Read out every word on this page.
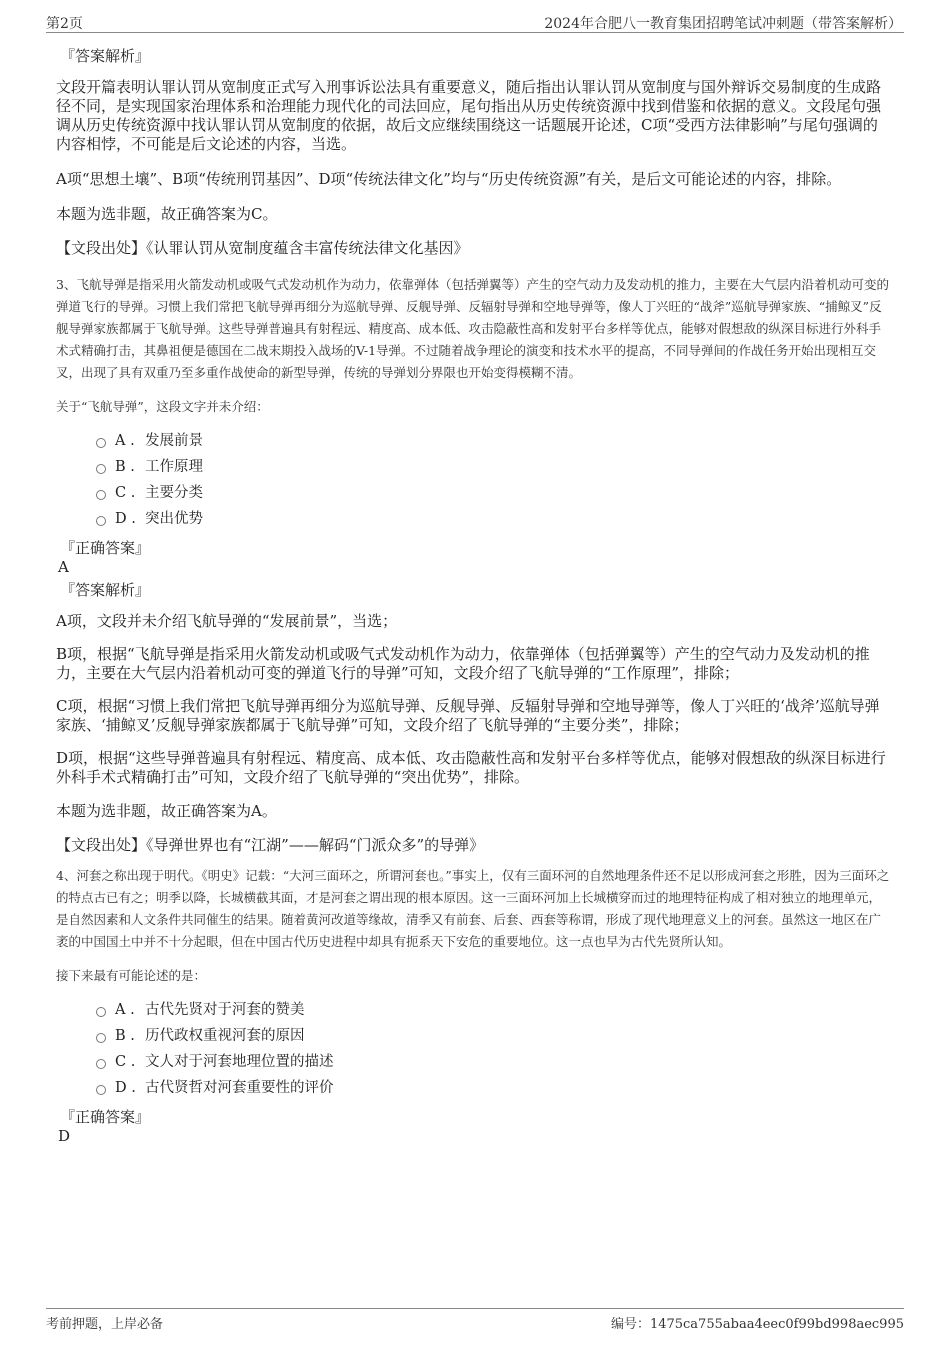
第2页	2024年合肥八一教育集团招聘笔试冲刺题（带答案解析）
『答案解析』

文段开篇表明认罪认罚从宽制度正式写入刑事诉讼法具有重要意义，随后指出认罪认罚从宽制度与国外辩诉交易制度的生成路径不同，是实现国家治理体系和治理能力现代化的司法回应，尾句指出从历史传统资源中找到借鉴和依据的意义。文段尾句强调从历史传统资源中找认罪认罚从宽制度的依据，故后文应继续围绕这一话题展开论述，C项“受西方法律影响”与尾句强调的内容相悖，不可能是后文论述的内容，当选。

A项“思想土壤”、B项“传统刑罚基因”、D项“传统法律文化”均与“历史传统资源”有关，是后文可能论述的内容，排除。

本题为选非题，故正确答案为C。

【文段出处】《认罪认罚从宽制度蕴含丰富传统法律文化基因》

3、飞航导弹是指采用火箭发动机或吸气式发动机作为动力，依靠弹体（包括弹翼等）产生的空气动力及发动机的推力，主要在大气层内沿着机动可变的弹道飞行的导弹。习惯上我们常把飞航导弹再细分为巡航导弹、反舰导弹、反辐射导弹和空地导弹等，像人丁兴旺的“战斧”巡航导弹家族、“捕鲸叉”反舰导弹家族都属于飞航导弹。这些导弹普遍具有射程远、精度高、成本低、攻击隐蔽性高和发射平台多样等优点，能够对假想敌的纵深目标进行外科手术式精确打击，其鼻祖便是德国在二战末期投入战场的V-1导弹。不过随着战争理论的演变和技术水平的提高，不同导弹间的作战任务开始出现相互交叉，出现了具有双重乃至多重作战使命的新型导弹，传统的导弹划分界限也开始变得模糊不清。

关于“飞航导弹”，这段文字并未介绍：

A . 发展前景
B . 工作原理
C . 主要分类
D . 突出优势
『正确答案』
A
『答案解析』

A项，文段并未介绍飞航导弹的“发展前景”，当选；

B项，根据“飞航导弹是指采用火箭发动机或吸气式发动机作为动力，依靠弹体（包括弹翼等）产生的空气动力及发动机的推力，主要在大气层内沿着机动可变的弹道飞行的导弹”可知，文段介绍了飞航导弹的“工作原理”，排除；

C项，根据“习惯上我们常把飞航导弹再细分为巡航导弹、反舰导弹、反辐射导弹和空地导弹等，像人丁兴旺的‘战斧’巡航导弹家族、‘捕鲸叉’反舰导弹家族都属于飞航导弹”可知，文段介绍了飞航导弹的“主要分类”，排除；

D项，根据“这些导弹普遍具有射程远、精度高、成本低、攻击隐蔽性高和发射平台多样等优点，能够对假想敌的纵深目标进行外科手术式精确打击”可知，文段介绍了飞航导弹的“突出优势”，排除。

本题为选非题，故正确答案为A。

【文段出处】《导弹世界也有“江湖”——解码“门派众多”的导弹》

4、河套之称出现于明代。《明史》记载：“大河三面环之，所谓河套也。”事实上，仅有三面环河的自然地理条件还不足以形成河套之形胜，因为三面环之的特点古已有之；明季以降，长城横截其面，才是河套之谓出现的根本原因。这一三面环河加上长城横穿而过的地理特征构成了相对独立的地理单元，是自然因素和人文条件共同催生的结果。随着黄河改道等缘故，清季又有前套、后套、西套等称谓，形成了现代地理意义上的河套。虽然这一地区在广袤的中国国土中并不十分起眼，但在中国古代历史进程中却具有扼系天下安危的重要地位。这一点也早为古代先贤所认知。

接下来最有可能论述的是：

A . 古代先贤对于河套的赞美
B . 历代政权重视河套的原因
C . 文人对于河套地理位置的描述
D . 古代贤哲对河套重要性的评价
『正确答案』
D
考前押题，上岸必备	编号：1475ca755abaa4eec0f99bd998aec995
